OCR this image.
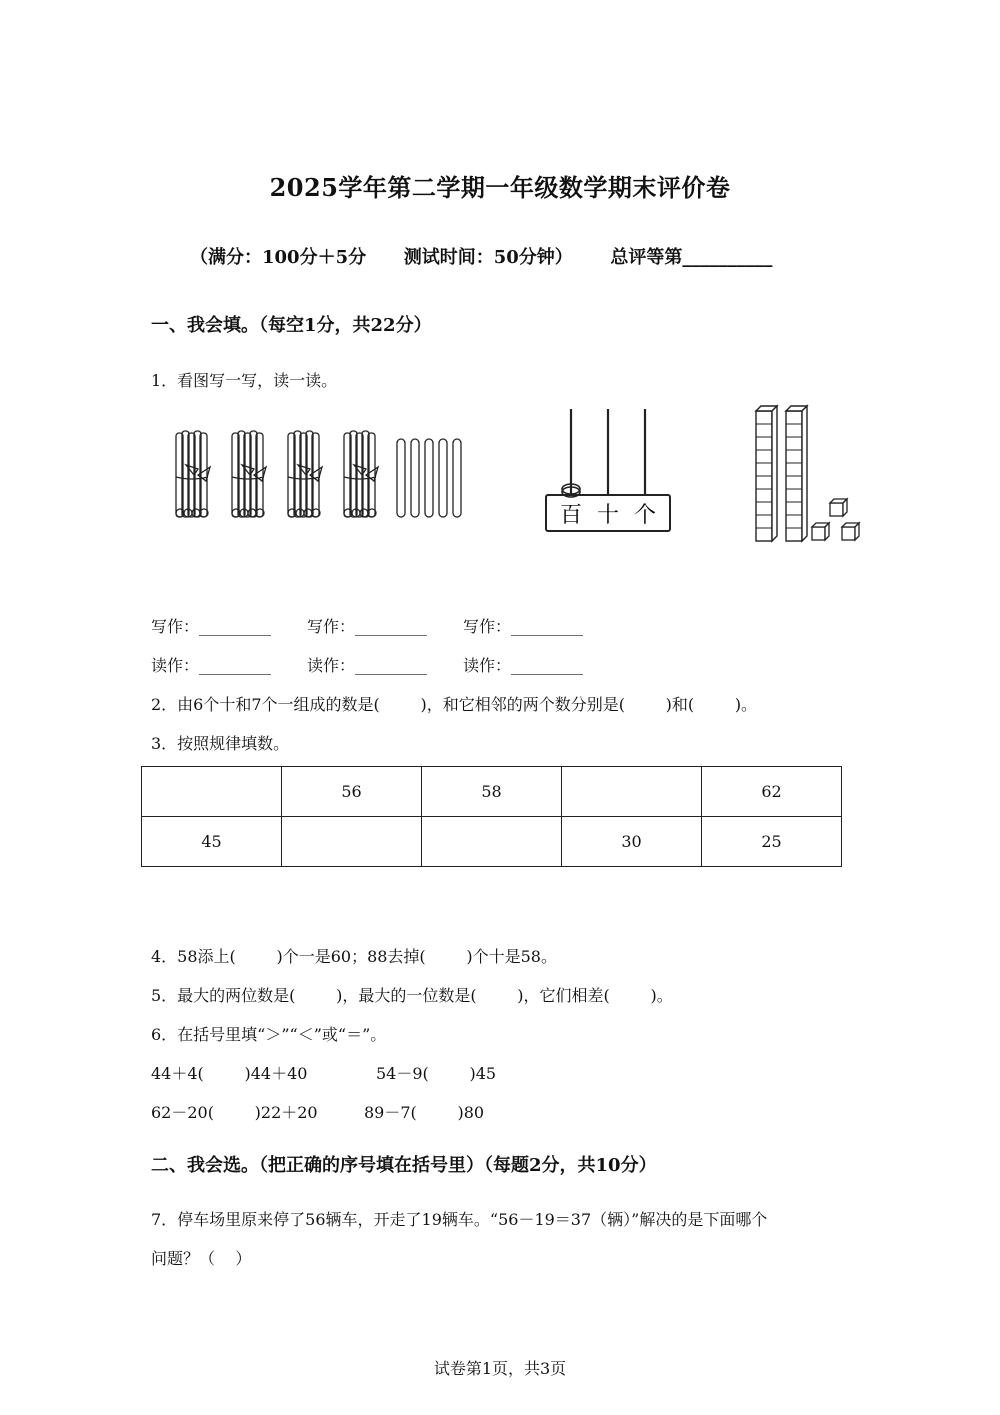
2025学年第二学期一年级数学期末评价卷
（满分：100分＋5分      测试时间：50分钟）      总评等第__________
一、我会填。（每空1分，共22分）
1．看图写一写，读一读。
百 十 个
写作：_________ 写作：_________ 写作：_________
读作：_________ 读作：_________ 读作：_________
2．由6个十和7个一组成的数是(        )，和它相邻的两个数分别是(        )和(        )。
3．按照规律填数。
	56	58		62
45			30	25
4．58添上(        )个一是60；88去掉(        )个十是58。
5．最大的两位数是(        )，最大的一位数是(        )，它们相差(        )。
6．在括号里填“＞”“＜”或“＝”。
44＋4(        )44＋40	54－9(        )45
62－20(        )22＋20	89－7(        )80
二、我会选。（把正确的序号填在括号里）（每题2分，共10分）
7．停车场里原来停了56辆车，开走了19辆车。“56－19＝37（辆）”解决的是下面哪个
问题？（    ）
试卷第1页，共3页
